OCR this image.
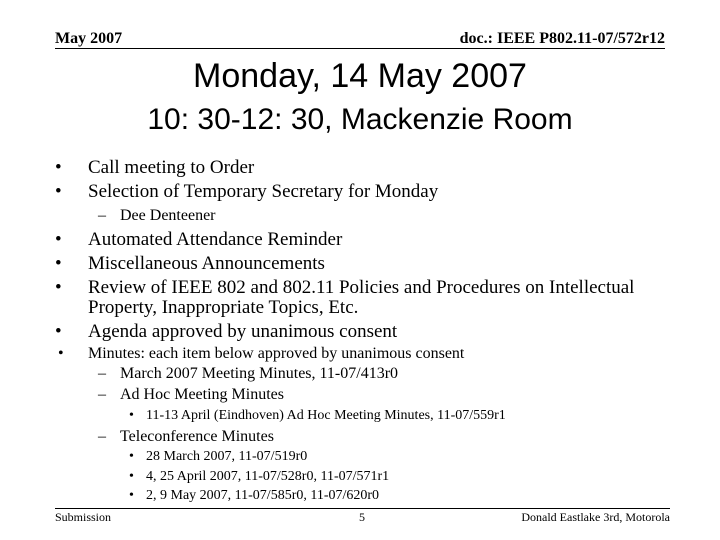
May 2007	doc.: IEEE P802.11-07/572r12
Monday, 14 May 2007
10: 30-12: 30, Mackenzie Room
• Call meeting to Order
• Selection of Temporary Secretary for Monday
– Dee Denteener
• Automated Attendance Reminder
• Miscellaneous Announcements
• Review of IEEE 802 and 802.11 Policies and Procedures on Intellectual
Property, Inappropriate Topics, Etc.
• Agenda approved by unanimous consent
• Minutes: each item below approved by unanimous consent
– March 2007 Meeting Minutes, 11-07/413r0
– Ad Hoc Meeting Minutes
• 11-13 April (Eindhoven) Ad Hoc Meeting Minutes, 11-07/559r1
– Teleconference Minutes
• 28 March 2007, 11-07/519r0
• 4, 25 April 2007, 11-07/528r0, 11-07/571r1
• 2, 9 May 2007, 11-07/585r0, 11-07/620r0
Submission	5	Donald Eastlake 3rd, Motorola
